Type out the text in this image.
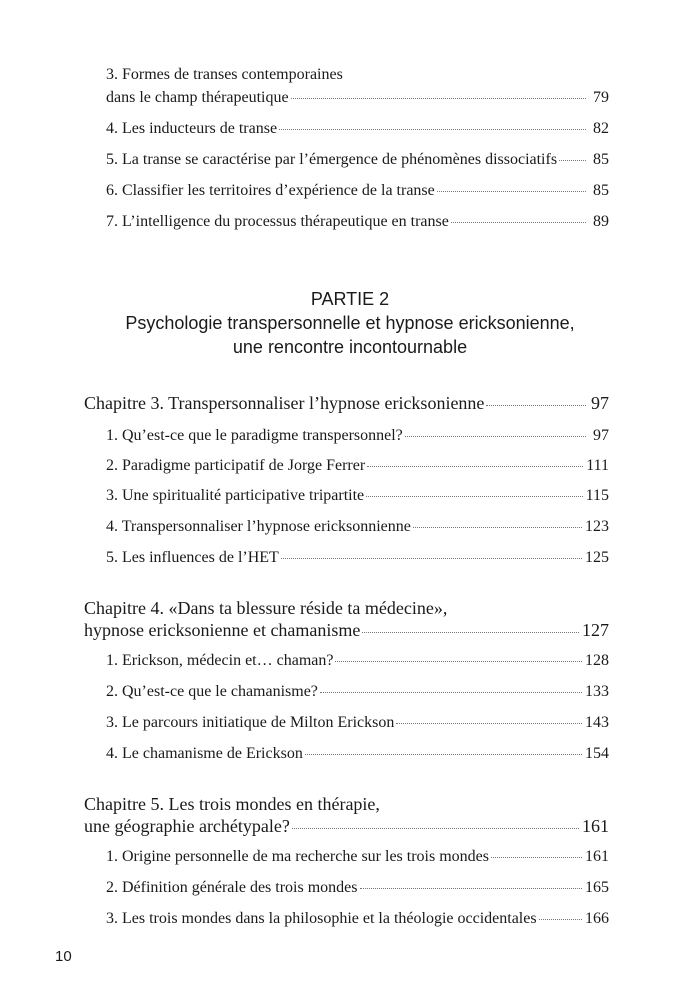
3. Formes de transes contemporaines
dans le champ thérapeutique	79
4. Les inducteurs de transe	82
5. La transe se caractérise par l’émergence de phénomènes dissociatifs 85
6. Classifier les territoires d’expérience de la transe	85
7. L’intelligence du processus thérapeutique en transe	89
PARTIE 2
Psychologie transpersonnelle et hypnose ericksonienne,
une rencontre incontournable
Chapitre 3. Transpersonnaliser l’hypnose ericksonienne	97
1. Qu’est-ce que le paradigme transpersonnel?	97
2. Paradigme participatif de Jorge Ferrer	111
3. Une spiritualité participative tripartite	115
4. Transpersonnaliser l’hypnose ericksonnienne	123
5. Les influences de l’HET	125
Chapitre 4. «Dans ta blessure réside ta médecine»,
hypnose ericksonienne et chamanisme	127
1. Erickson, médecin et… chaman?	128
2. Qu’est-ce que le chamanisme?	133
3. Le parcours initiatique de Milton Erickson	143
4. Le chamanisme de Erickson	154
Chapitre 5. Les trois mondes en thérapie,
une géographie archétypale?	161
1. Origine personnelle de ma recherche sur les trois mondes	161
2. Définition générale des trois mondes	165
3. Les trois mondes dans la philosophie et la théologie occidentales	166
10
